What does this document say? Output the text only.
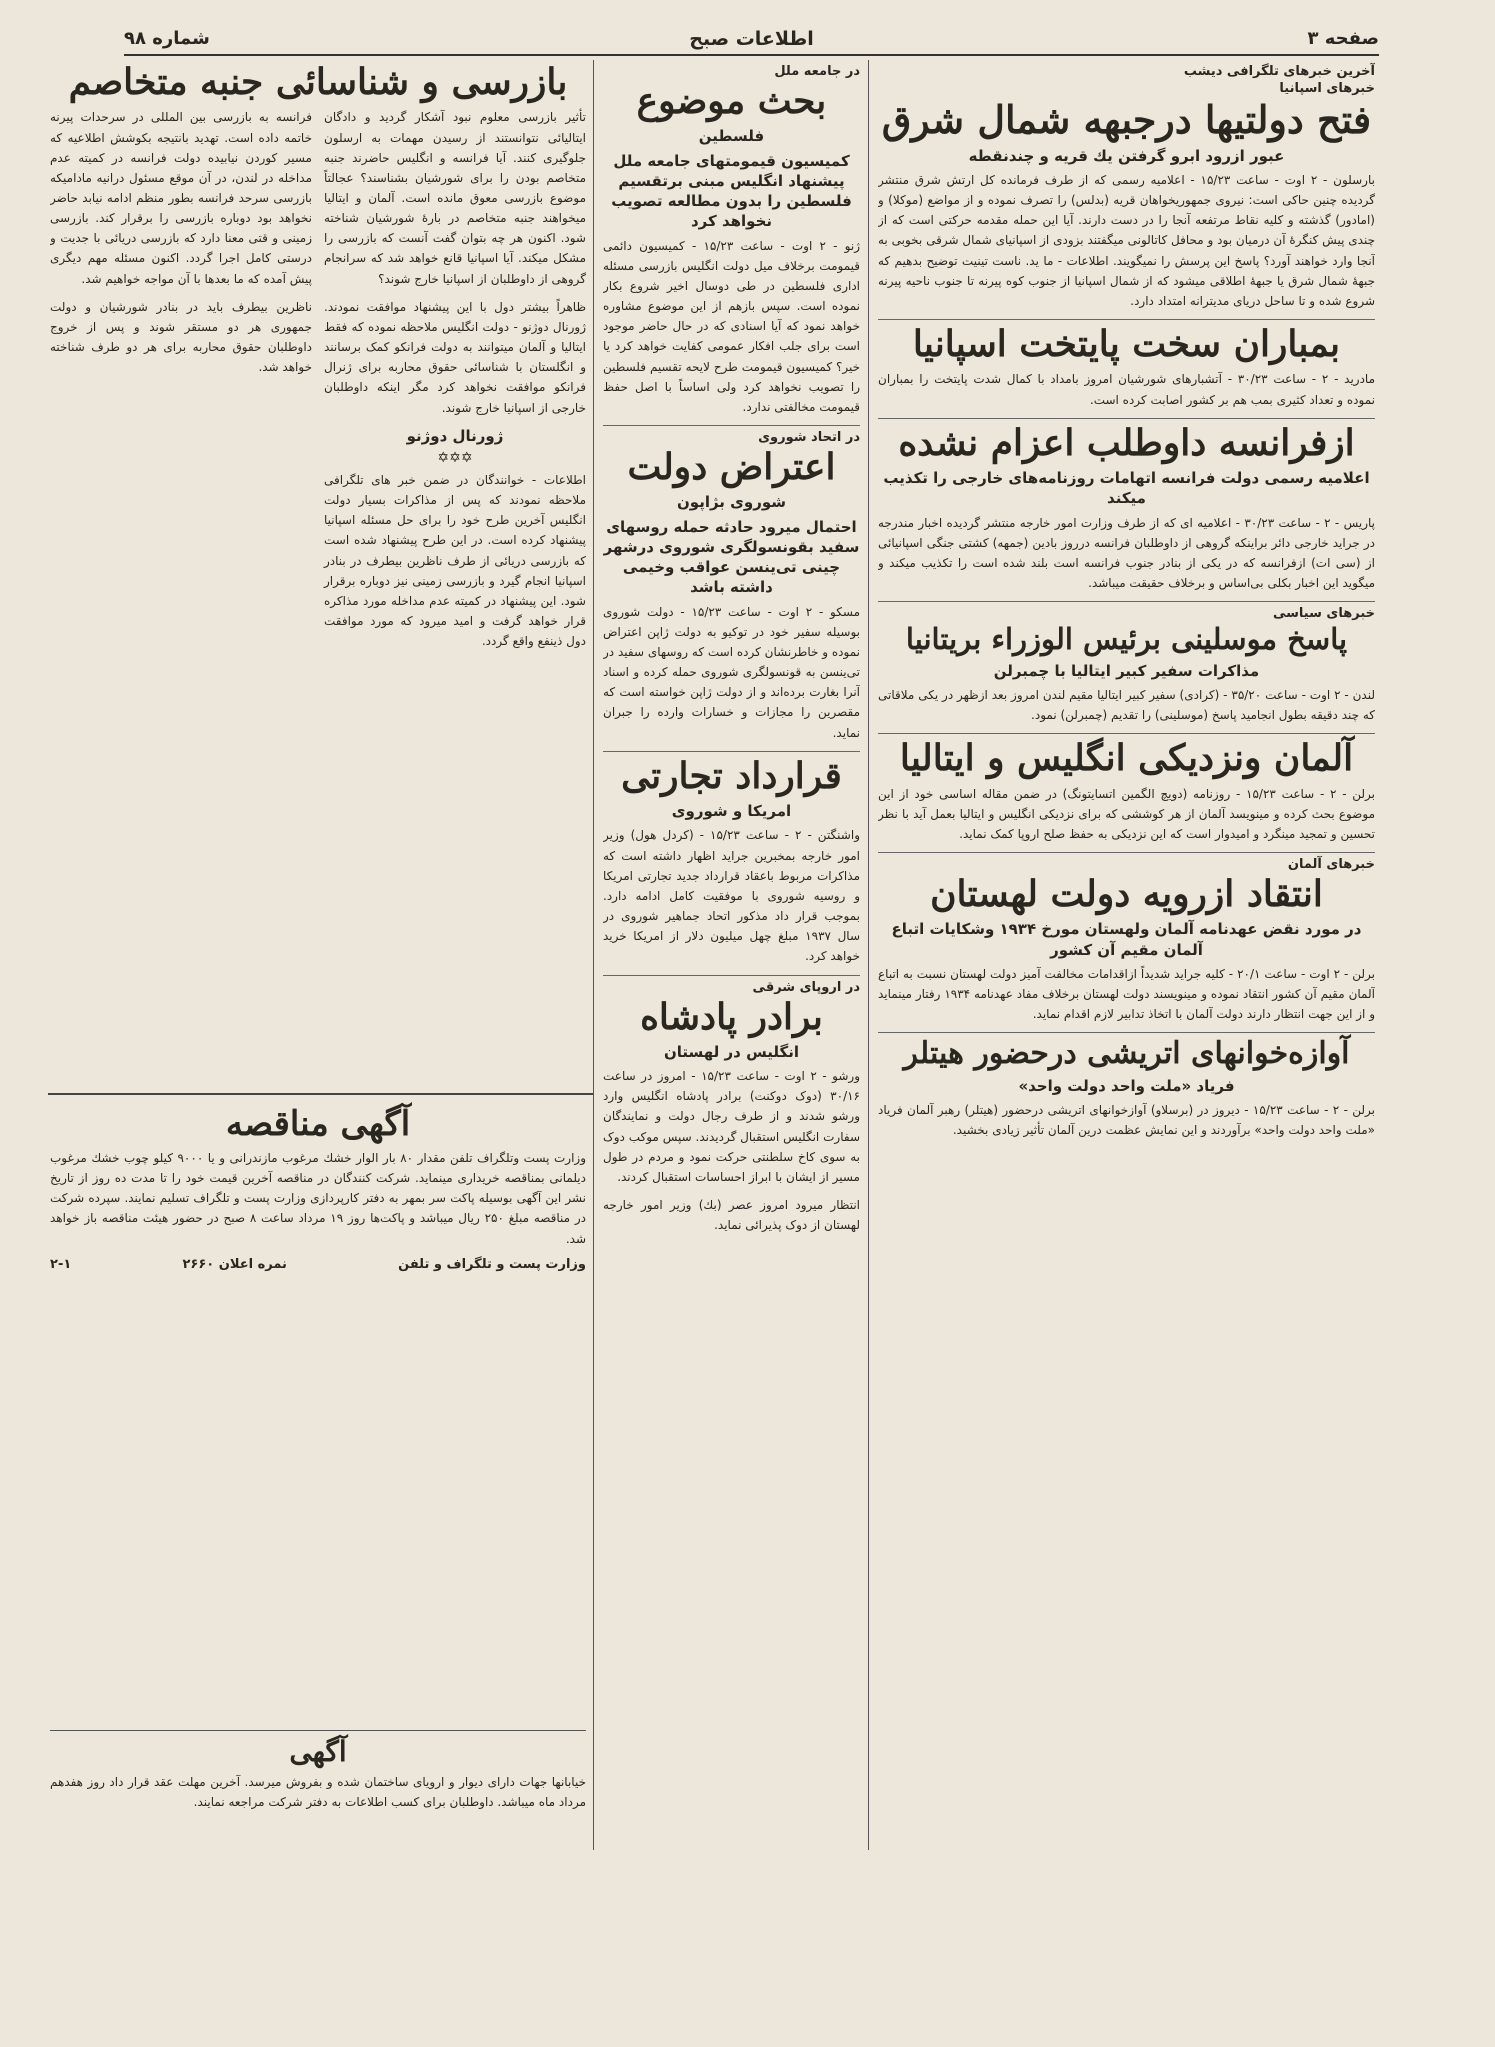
صفحه ۳
اطلاعات صبح
شماره ۹۸
آخرین خبرهای تلگرافی دیشب
خبرهای اسپانیا
فتح دولتیها درجبهه شمال شرق
عبور ازرود ابرو گرفتن یك قریه و چندنقطه

بارسلون - ۲ اوت - ساعت ۱۵/۲۳ - اعلامیه رسمی که از طرف فرمانده کل ارتش شرق منتشر گردیده چنین حاکی است: نیروی جمهوریخواهان قریه (بدلس) را تصرف نموده و از مواضع (موکلا) و (امادور) گذشته و کلیه نقاط مرتفعه آنجا را در دست دارند. آیا این حمله مقدمه حرکتی است که از چندی پیش کنگرۀ آن درمیان بود و محافل کاتالونی میگفتند بزودی از اسپانیای شمال شرقی بخوبی به آنجا وارد خواهند آورد؟ پاسخ این پرسش را نمیگویند. اطلاعات - ما ید. ناست تینیت توضیح بدهیم که جبهۀ شمال شرق یا جبهۀ اطلاقی میشود که از شمال اسپانیا از جنوب کوه پیرنه تا جنوب ناحیه پیرنه شروع شده و تا ساحل دریای مدیترانه امتداد دارد.

بمباران سخت پایتخت اسپانیا

مادرید - ۲ - ساعت ۳۰/۲۳ - آتشبارهای شورشیان امروز بامداد با کمال شدت پایتخت را بمباران نموده و تعداد کثیری بمب هم بر کشور اصابت کرده است.

ازفرانسه داوطلب اعزام نشده
اعلامیه رسمی دولت فرانسه اتهامات روزنامه‌های خارجی را تکذیب میکند

پاریس - ۲ - ساعت ۳۰/۲۳ - اعلامیه ای که از طرف وزارت امور خارجه منتشر گردیده اخبار مندرجه در جراید خارجی دائر براینکه گروهی از داوطلبان فرانسه درروز بادین (جمهه) کشتی جنگی اسپانیائی از (سی ات) ازفرانسه که در یکی از بنادر جنوب فرانسه است بلند شده است را تکذیب میکند و میگوید این اخبار بکلی بی‌اساس و برخلاف حقیقت میباشد.

خبرهای سیاسی
پاسخ موسلینی برئیس الوزراء بریتانیا
مذاکرات سفیر کبیر ایتالیا با چمبرلن

لندن - ۲ اوت - ساعت ۳۵/۲۰ - (کرادی) سفیر کبیر ایتالیا مقیم لندن امروز بعد ازظهر در یکی ملاقاتی که چند دقیقه بطول انجامید پاسخ (موسلینی) را تقدیم (چمبرلن) نمود.

آلمان ونزدیکی انگلیس و ایتالیا

برلن - ۲ - ساعت ۱۵/۲۳ - روزنامه (دویچ الگمین اتسایتونگ) در ضمن مقاله اساسی خود از این موضوع بحث کرده و مینویسد آلمان از هر کوششی که برای نزدیکی انگلیس و ایتالیا بعمل آید با نظر تحسین و تمجید مینگرد و امیدوار است که این نزدیکی به حفظ صلح اروپا کمک نماید.

خبرهای آلمان
انتقاد ازرویه دولت لهستان
در مورد نقض عهدنامه آلمان ولهستان مورخ ۱۹۳۴ وشکایات اتباع آلمان مقیم آن کشور

برلن - ۲ اوت - ساعت ۲۰/۱ - کلیه جراید شدیداً ازاقدامات مخالفت آمیز دولت لهستان نسبت به اتباع آلمان مقیم آن کشور انتقاد نموده و مینویسند دولت لهستان برخلاف مفاد عهدنامه ۱۹۳۴ رفتار مینماید و از این جهت انتظار دارند دولت آلمان با اتخاذ تدابیر لازم اقدام نماید.

آوازه‌خوانهای اتریشی درحضور هیتلر
فریاد «ملت واحد دولت واحد»

برلن - ۲ - ساعت ۱۵/۲۳ - دیروز در (برسلاو) آوازخوانهای اتریشی درحضور (هیتلر) رهبر آلمان فریاد «ملت واحد دولت واحد» برآوردند و این نمایش عظمت درین آلمان تأثیر زیادی بخشید.

در جامعه ملل
بحث موضوع
فلسطین
کمیسیون قیمومتهای جامعه ملل پیشنهاد انگلیس مبنی برتقسیم فلسطین را بدون مطالعه تصویب نخواهد کرد

ژنو - ۲ اوت - ساعت ۱۵/۲۳ - کمیسیون دائمی قیمومت برخلاف میل دولت انگلیس بازرسی مسئله اداری فلسطین در طی دوسال اخیر شروع بکار نموده است. سپس بازهم از این موضوع مشاوره خواهد نمود که آیا اسنادی که در حال حاضر موجود است برای جلب افکار عمومی کفایت خواهد کرد یا خیر؟ کمیسیون قیمومت طرح لایحه تقسیم فلسطین را تصویب نخواهد کرد ولی اساساً با اصل حفظ قیمومت مخالفتی ندارد.

در اتحاد شوروی
اعتراض دولت
شوروی بژاپون
احتمال میرود حادثه حمله روسهای سفید بقونسولگری شوروی درشهر چینی تی‌ینسن عواقب وخیمی داشته باشد

مسکو - ۲ اوت - ساعت ۱۵/۲۳ - دولت شوروی بوسیله سفیر خود در توکیو به دولت ژاپن اعتراض نموده و خاطرنشان کرده است که روسهای سفید در تی‌ینسن به قونسولگری شوروی حمله کرده و اسناد آنرا بغارت برده‌اند و از دولت ژاپن خواسته است که مقصرین را مجازات و خسارات وارده را جبران نماید.

قرارداد تجارتی
امریکا و شوروی

واشنگتن - ۲ - ساعت ۱۵/۲۳ - (کردل هول) وزیر امور خارجه بمخبرین جراید اظهار داشته است که مذاکرات مربوط باعقاد قرارداد جدید تجارتی امریکا و روسیه شوروی با موفقیت کامل ادامه دارد. بموجب قرار داد مذکور اتحاد جماهیر شوروی در سال ۱۹۳۷ مبلغ چهل میلیون دلار از امریکا خرید خواهد کرد.

در اروپای شرقی
برادر پادشاه
انگلیس در لهستان

ورشو - ۲ اوت - ساعت ۱۵/۲۳ - امروز در ساعت ۳۰/۱۶ (دوک دوکنت) برادر پادشاه انگلیس وارد ورشو شدند و از طرف رجال دولت و نمایندگان سفارت انگلیس استقبال گردیدند. سپس موکب دوک به سوی کاخ سلطنتی حرکت نمود و مردم در طول مسیر از ایشان با ابراز احساسات استقبال کردند.

انتظار میرود امروز عصر (بك) وزیر امور خارجه لهستان از دوک پذیرائی نماید.

بازرسی و شناسائی جنبه متخاصم

تأثیر بازرسی معلوم نبود آشکار گردید و دادگان ایتالیائی نتوانستند از رسیدن مهمات به ارسلون جلوگیری کنند. آیا فرانسه و انگلیس حاضرند جنبه متخاصم بودن را برای شورشیان بشناسند؟ عجالتاً موضوع بازرسی معوق مانده است. آلمان و ایتالیا میخواهند جنبه متخاصم در بارۀ شورشیان شناخته شود. اکنون هر چه بتوان گفت آنست که بازرسی را مشکل میکند. آیا اسپانیا قانع خواهد شد که سرانجام گروهی از داوطلبان از اسپانیا خارج شوند؟

ظاهراً بیشتر دول با این پیشنهاد موافقت نمودند. ژورنال دوژنو - دولت انگلیس ملاحظه نموده که فقط ایتالیا و آلمان میتوانند به دولت فرانکو کمک برسانند و انگلستان با شناسائی حقوق محاربه برای ژنرال فرانکو موافقت نخواهد کرد مگر اینکه داوطلبان خارجی از اسپانیا خارج شوند.

ژورنال دوژنو
✡✡✡

اطلاعات - خوانندگان در ضمن خبر های تلگرافی ملاحظه نمودند که پس از مذاکرات بسیار دولت انگلیس آخرین طرح خود را برای حل مسئله اسپانیا پیشنهاد کرده است. در این طرح پیشنهاد شده است که بازرسی دریائی از طرف ناظرین بیطرف در بنادر اسپانیا انجام گیرد و بازرسی زمینی نیز دوباره برقرار شود. این پیشنهاد در کمیته عدم مداخله مورد مذاکره قرار خواهد گرفت و امید میرود که مورد موافقت دول ذینفع واقع گردد.

فرانسه به بازرسی بین المللی در سرحدات پیرنه خاتمه داده است. تهدید بانتیجه بکوشش اطلاعیه که مسیر کوردن نیابیده دولت فرانسه در کمیته عدم مداخله در لندن، در آن موقع مسئول درانیه مادامیکه بازرسی سرحد فرانسه بطور منظم ادامه نیابد حاضر نخواهد بود دوباره بازرسی را برقرار کند. بازرسی زمینی و قتی معنا دارد که بازرسی دریائی با جدیت و درستی کامل اجرا گردد. اکنون مسئله مهم دیگری پیش آمده که ما بعدها با آن مواجه خواهیم شد.

ناظرین بیطرف باید در بنادر شورشیان و دولت جمهوری هر دو مستقر شوند و پس از خروج داوطلبان حقوق محاربه برای هر دو طرف شناخته خواهد شد.

آگهی مناقصه

وزارت پست وتلگراف تلفن مقدار ۸۰ بار الوار خشك مرغوب مازندرانی و یا ۹۰۰۰ کیلو چوب خشك مرغوب دیلمانی بمناقصه خریداری مینماید. شرکت کنندگان در مناقصه آخرین قیمت خود را تا مدت ده روز از تاریخ نشر این آگهی بوسیله پاکت سر بمهر به دفتر کارپردازی وزارت پست و تلگراف تسلیم نمایند. سپرده شرکت در مناقصه مبلغ ۲۵۰ ریال میباشد و پاکت‌ها روز ۱۹ مرداد ساعت ۸ صبح در حضور هیئت مناقصه باز خواهد شد.

وزارت پست و تلگراف و تلفن
نمره اعلان ۲۶۶۰
۲-۱
آگهی

خیابانها جهات دارای دیوار و ارویای ساختمان شده و بفروش میرسد. آخرین مهلت عقد قرار داد روز هفدهم مرداد ماه میباشد. داوطلبان برای کسب اطلاعات به دفتر شرکت مراجعه نمایند.
